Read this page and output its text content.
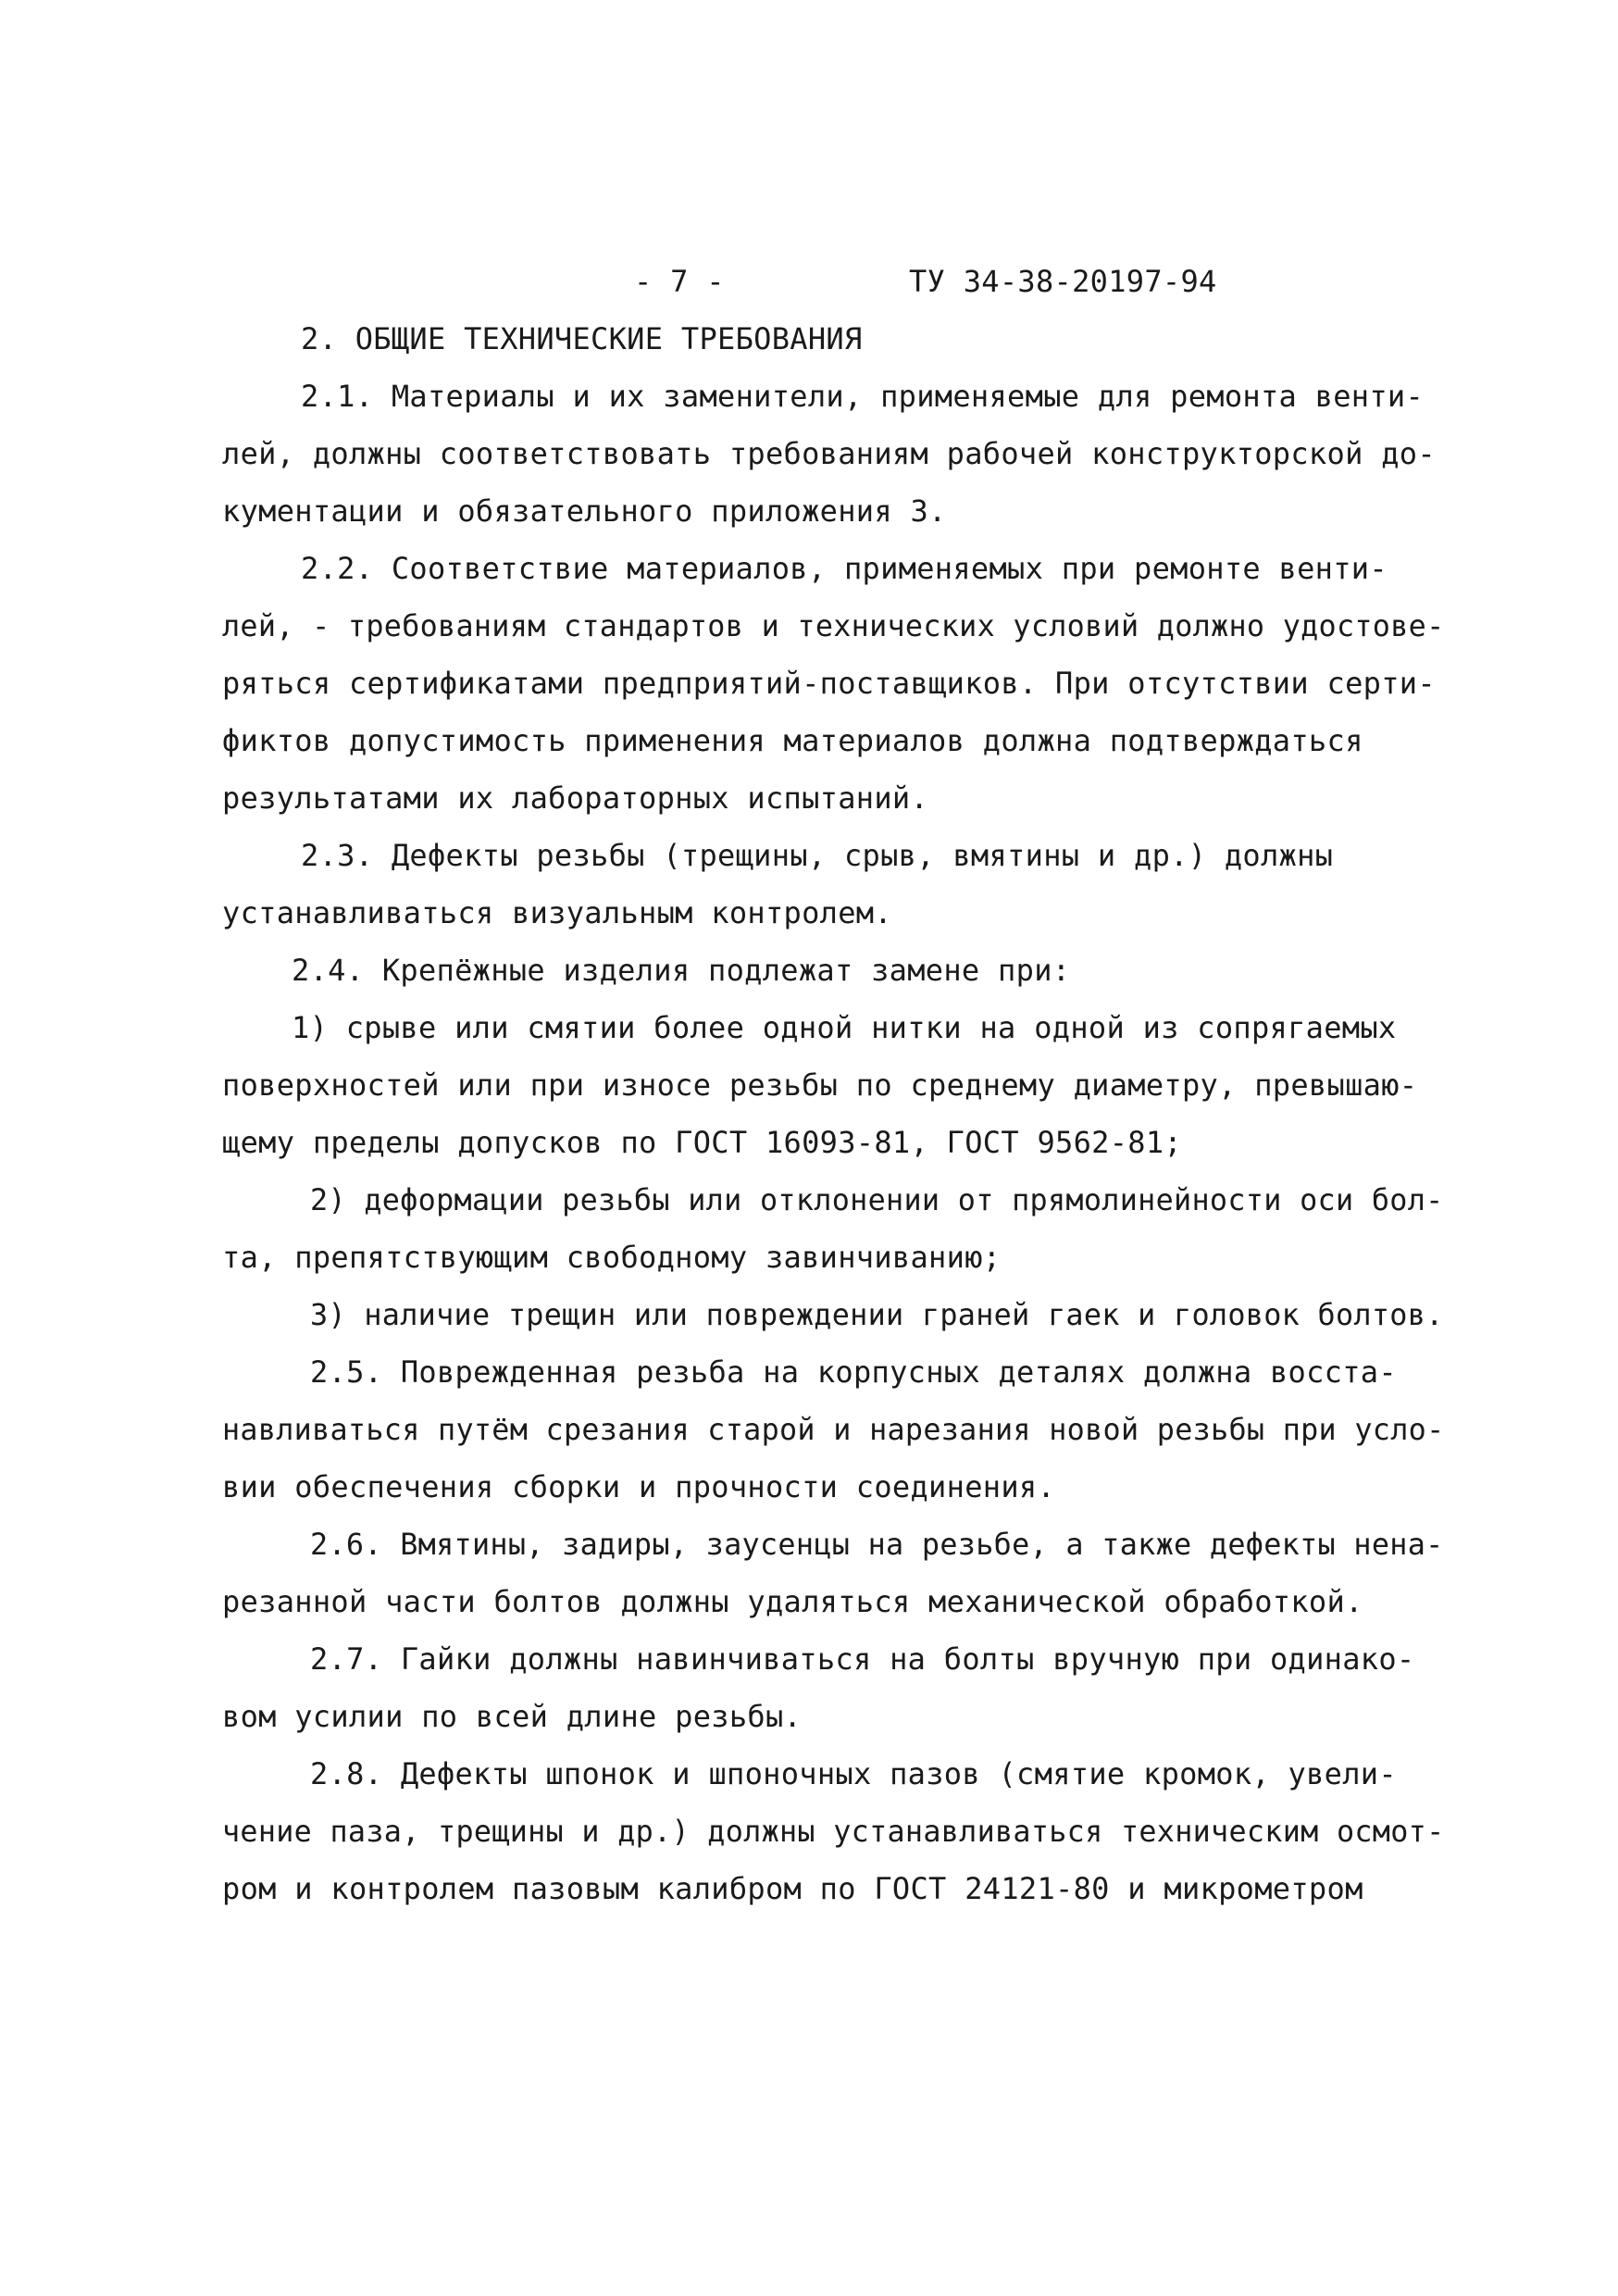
- 7 -	ТУ 34-38-20197-94
2. ОБЩИЕ ТЕХНИЧЕСКИЕ ТРЕБОВАНИЯ
2.1. Материалы и их заменители, применяемые для ремонта венти-
лей, должны соответствовать требованиям рабочей конструкторской до-
кументации и обязательного приложения 3.
2.2. Соответствие материалов, применяемых при ремонте венти-
лей, - требованиям стандартов и технических условий должно удостове-
ряться сертификатами предприятий-поставщиков. При отсутствии серти-
фиктов допустимость применения материалов должна подтверждаться
результатами их лабораторных испытаний.
2.3. Дефекты резьбы (трещины, срыв, вмятины и др.) должны
устанавливаться визуальным контролем.
2.4. Крепёжные изделия подлежат замене при:
1) срыве или смятии более одной нитки на одной из сопрягаемых
поверхностей или при износе резьбы по среднему диаметру, превышаю-
щему пределы допусков по ГОСТ 16093-81, ГОСТ 9562-81;
2) деформации резьбы или отклонении от прямолинейности оси бол-
та, препятствующим свободному завинчиванию;
3) наличие трещин или повреждении граней гаек и головок болтов.
2.5. Поврежденная резьба на корпусных деталях должна восста-
навливаться путём срезания старой и нарезания новой резьбы при усло-
вии обеспечения сборки и прочности соединения.
2.6. Вмятины, задиры, заусенцы на резьбе, а также дефекты нена-
резанной части болтов должны удаляться механической обработкой.
2.7. Гайки должны навинчиваться на болты вручную при одинако-
вом усилии по всей длине резьбы.
2.8. Дефекты шпонок и шпоночных пазов (смятие кромок, увели-
чение паза, трещины и др.) должны устанавливаться техническим осмот-
ром и контролем пазовым калибром по ГОСТ 24121-80 и микрометром
